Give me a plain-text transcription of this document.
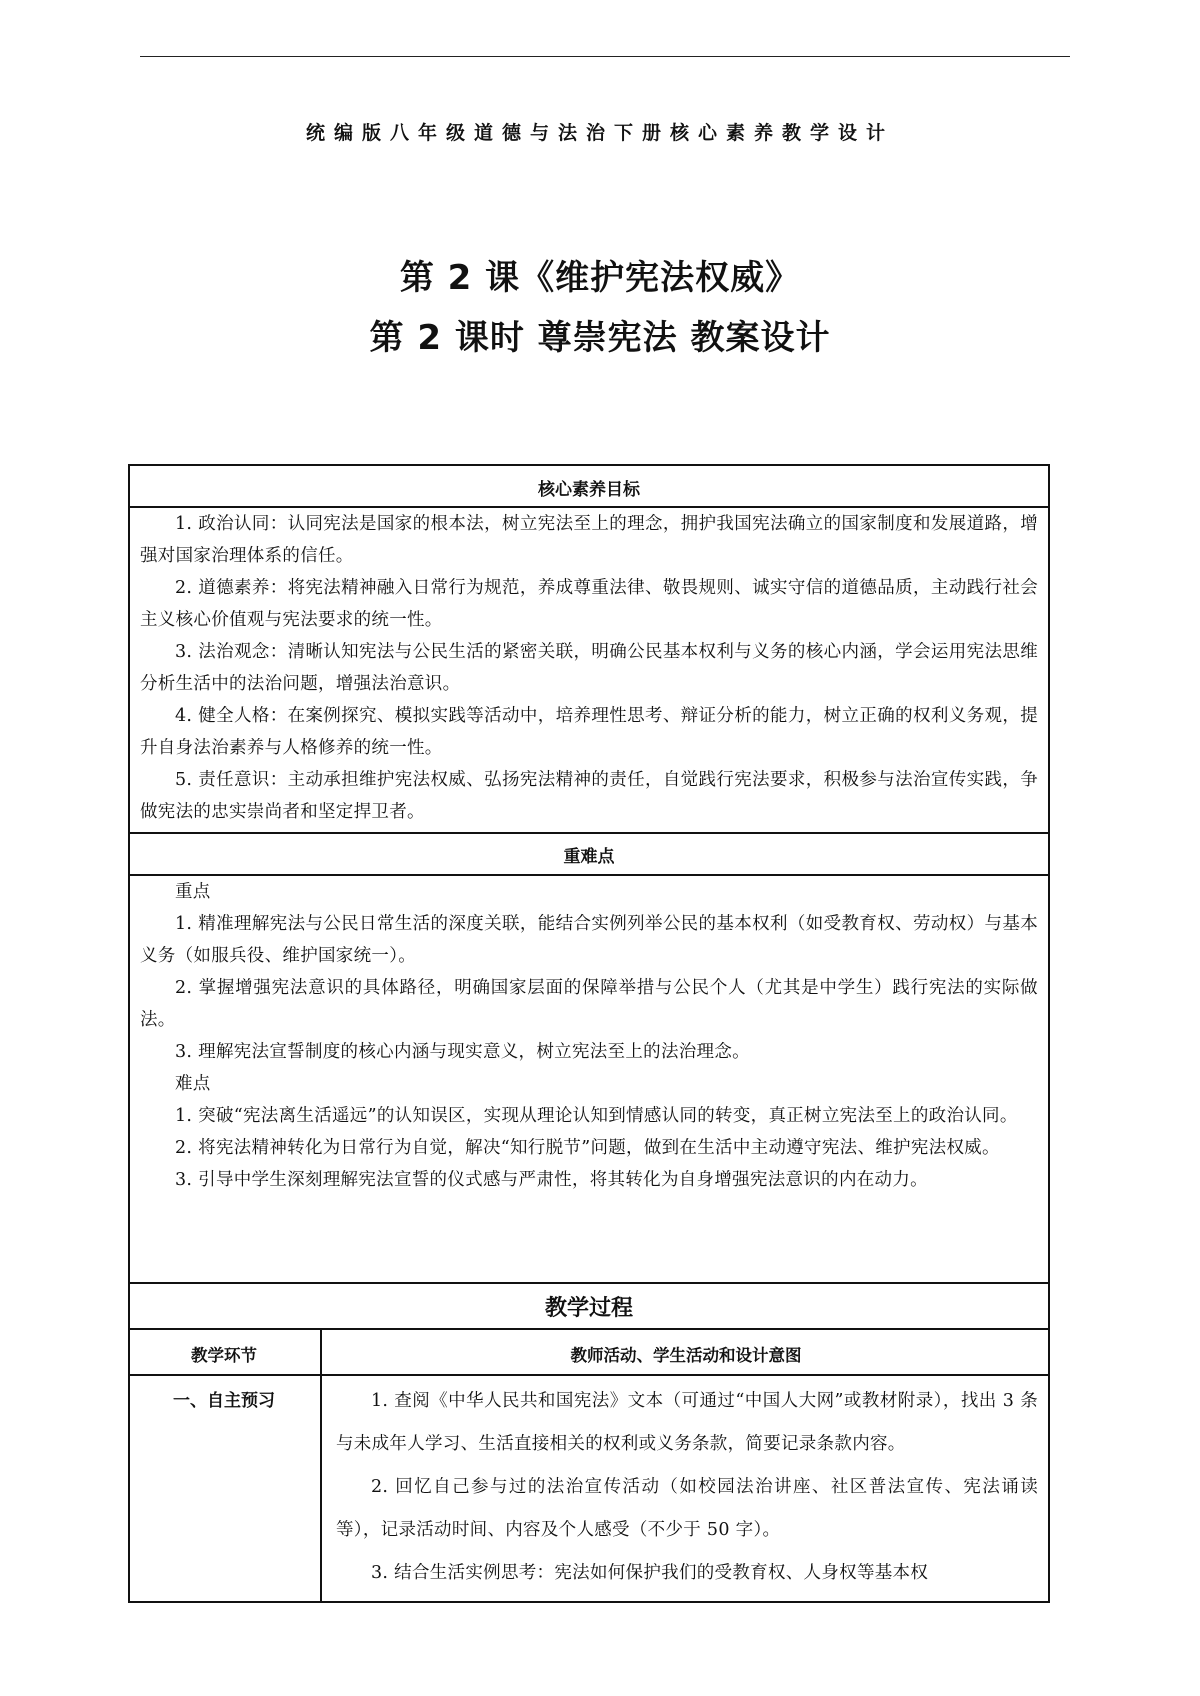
统编版八年级道德与法治下册核心素养教学设计
第 2 课《维护宪法权威》
第 2 课时 尊崇宪法 教案设计
核心素养目标

1. 政治认同：认同宪法是国家的根本法，树立宪法至上的理念，拥护我国宪法确立的国家制度和发展道路，增强对国家治理体系的信任。

2. 道德素养：将宪法精神融入日常行为规范，养成尊重法律、敬畏规则、诚实守信的道德品质，主动践行社会主义核心价值观与宪法要求的统一性。

3. 法治观念：清晰认知宪法与公民生活的紧密关联，明确公民基本权利与义务的核心内涵，学会运用宪法思维分析生活中的法治问题，增强法治意识。

4. 健全人格：在案例探究、模拟实践等活动中，培养理性思考、辩证分析的能力，树立正确的权利义务观，提升自身法治素养与人格修养的统一性。

5. 责任意识：主动承担维护宪法权威、弘扬宪法精神的责任，自觉践行宪法要求，积极参与法治宣传实践，争做宪法的忠实崇尚者和坚定捍卫者。

重难点

重点

1. 精准理解宪法与公民日常生活的深度关联，能结合实例列举公民的基本权利（如受教育权、劳动权）与基本义务（如服兵役、维护国家统一）。

2. 掌握增强宪法意识的具体路径，明确国家层面的保障举措与公民个人（尤其是中学生）践行宪法的实际做法。

3. 理解宪法宣誓制度的核心内涵与现实意义，树立宪法至上的法治理念。

难点

1. 突破“宪法离生活遥远”的认知误区，实现从理论认知到情感认同的转变，真正树立宪法至上的政治认同。

2. 将宪法精神转化为日常行为自觉，解决“知行脱节”问题，做到在生活中主动遵守宪法、维护宪法权威。

3. 引导中学生深刻理解宪法宣誓的仪式感与严肃性，将其转化为自身增强宪法意识的内在动力。

教学过程
教学环节	教师活动、学生活动和设计意图
一、自主预习	1. 查阅《中华人民共和国宪法》文本（可通过“中国人大网”或教材附录），找出 3 条与未成年人学习、生活直接相关的权利或义务条款，简要记录条款内容。

2. 回忆自己参与过的法治宣传活动（如校园法治讲座、社区普法宣传、宪法诵读等），记录活动时间、内容及个人感受（不少于 50 字）。

3. 结合生活实例思考：宪法如何保护我们的受教育权、人身权等基本权
